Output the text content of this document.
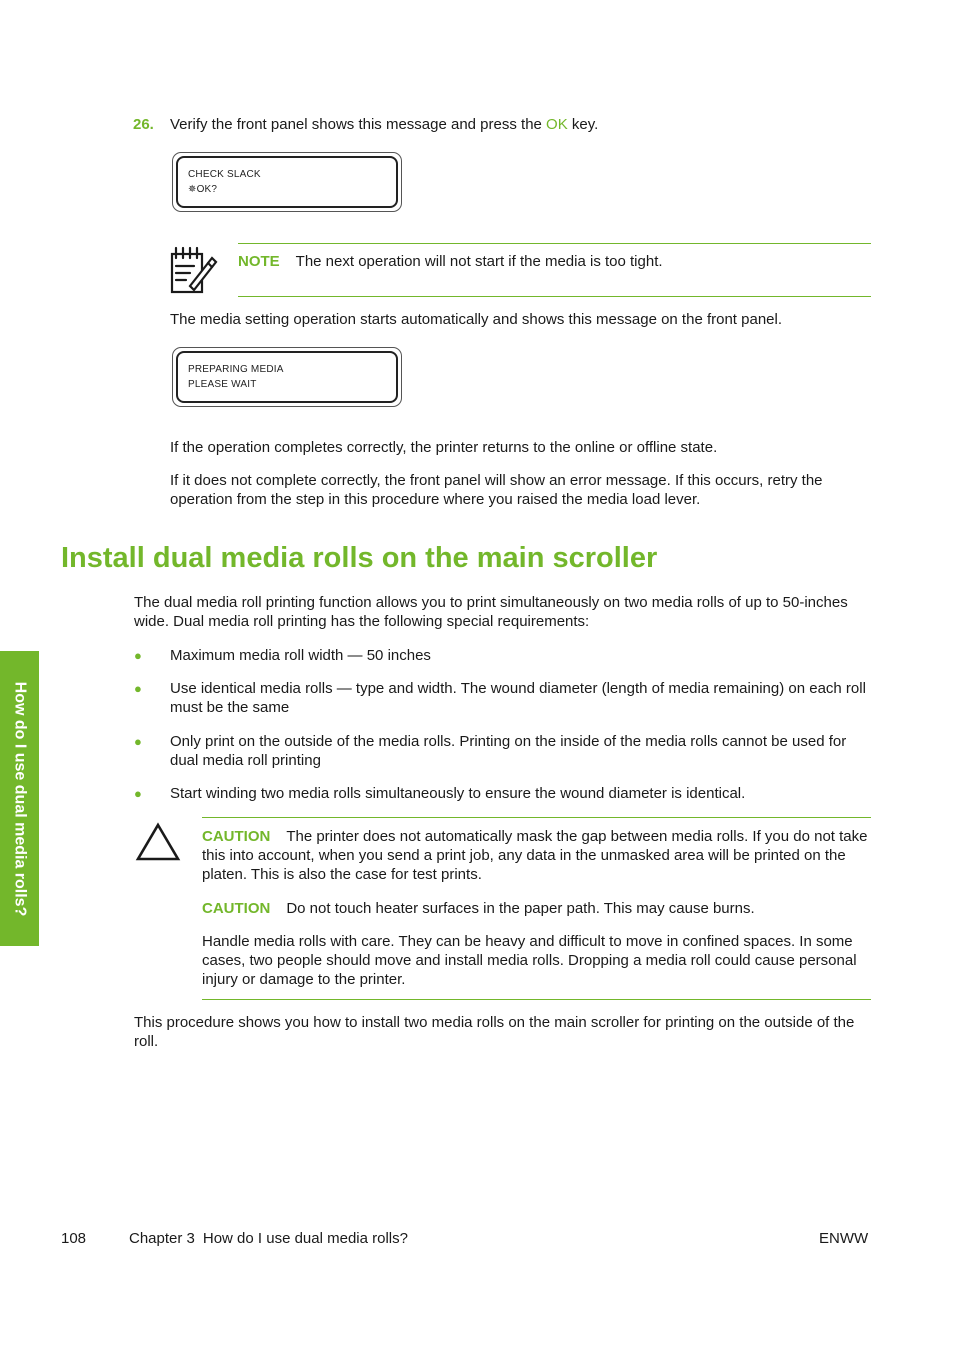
26. Verify the front panel shows this message and press the OK key.
CHECK SLACK
✵OK?
NOTE The next operation will not start if the media is too tight.
The media setting operation starts automatically and shows this message on the front panel.
PREPARING MEDIA
PLEASE WAIT
If the operation completes correctly, the printer returns to the online or offline state.
If it does not complete correctly, the front panel will show an error message. If this occurs, retry the operation from the step in this procedure where you raised the media load lever.
Install dual media rolls on the main scroller
The dual media roll printing function allows you to print simultaneously on two media rolls of up to 50-inches wide. Dual media roll printing has the following special requirements:
● Maximum media roll width — 50 inches
● Use identical media rolls — type and width. The wound diameter (length of media remaining) on each roll must be the same
● Only print on the outside of the media rolls. Printing on the inside of the media rolls cannot be used for dual media roll printing
● Start winding two media rolls simultaneously to ensure the wound diameter is identical.
How do I use dual media rolls?	CAUTION The printer does not automatically mask the gap between media rolls. If you do not take this into account, when you send a print job, any data in the unmasked area will be printed on the platen. This is also the case for test prints.
CAUTION Do not touch heater surfaces in the paper path. This may cause burns.
Handle media rolls with care. They can be heavy and difficult to move in confined spaces. In some cases, two people should move and install media rolls. Dropping a media roll could cause personal injury or damage to the printer.
This procedure shows you how to install two media rolls on the main scroller for printing on the outside of the roll.
108	Chapter 3 How do I use dual media rolls?	ENWW
